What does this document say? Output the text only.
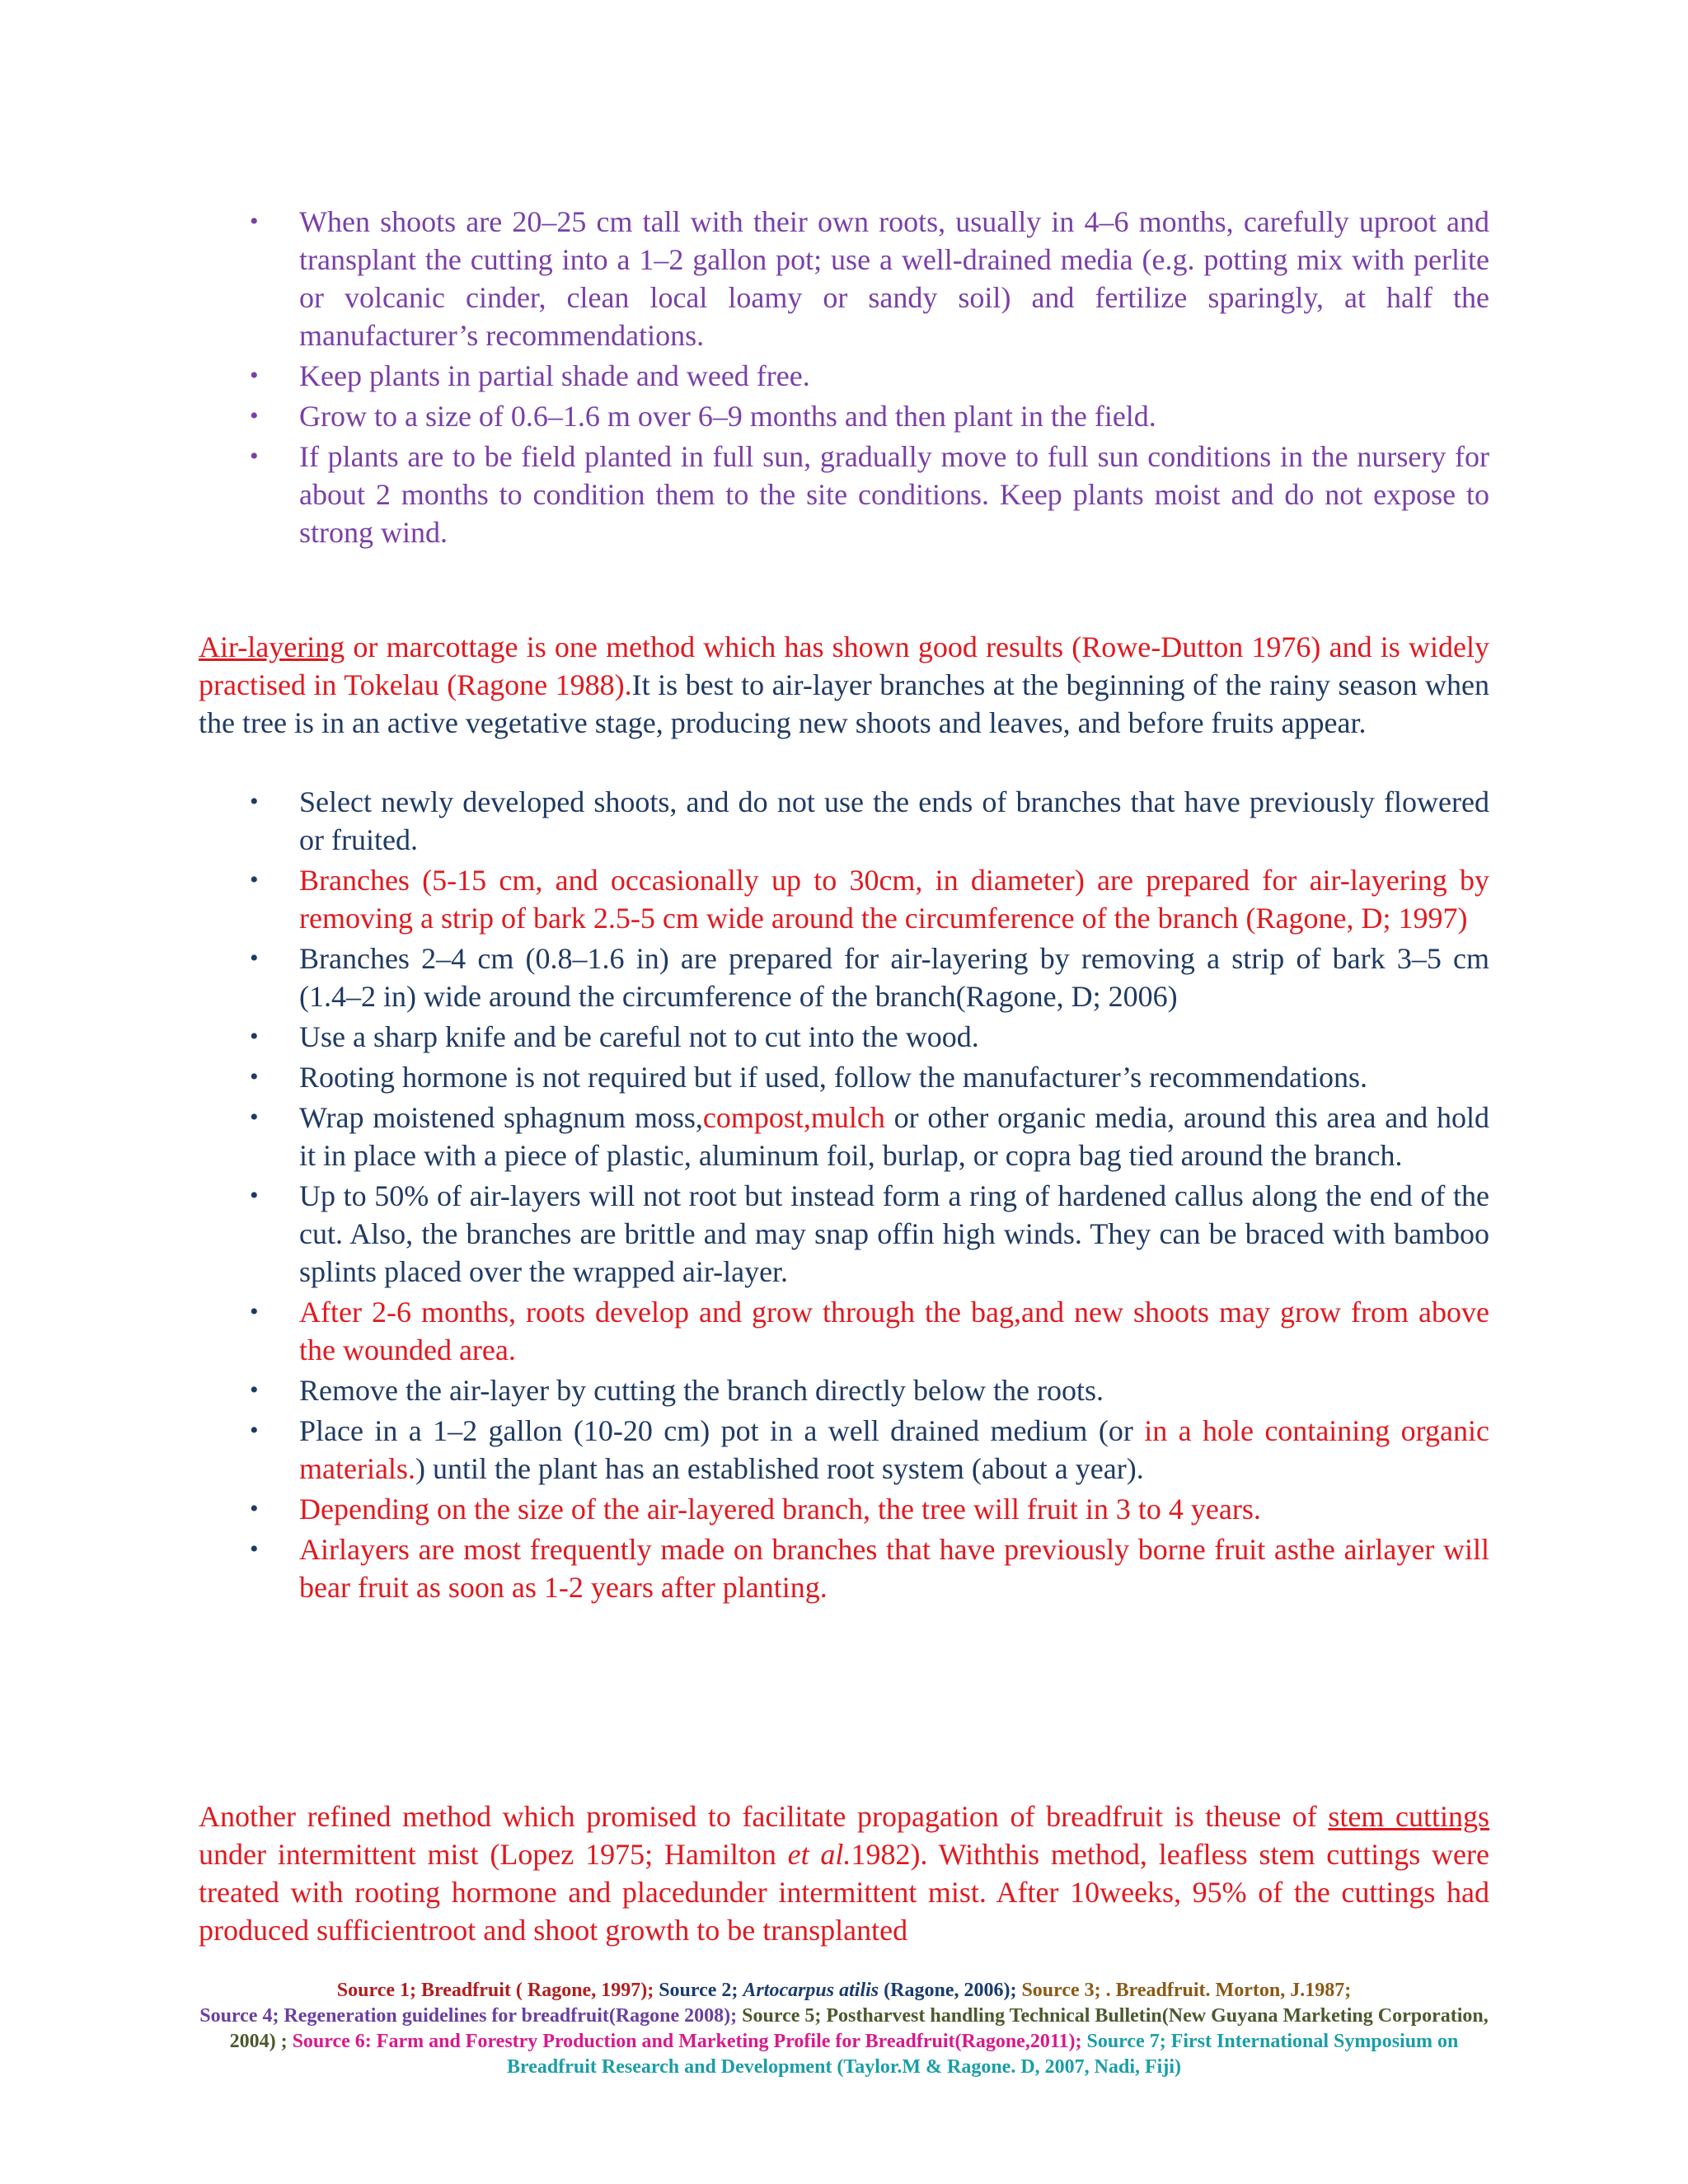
• When shoots are 20–25 cm tall with their own roots, usually in 4–6 months, carefully uproot and transplant the cutting into a 1–2 gallon pot; use a well-drained media (e.g. potting mix with perlite or volcanic cinder, clean local loamy or sandy soil) and fertilize sparingly, at half the manufacturer’s recommendations.
• Keep plants in partial shade and weed free.
• Grow to a size of 0.6–1.6 m over 6–9 months and then plant in the field.
• If plants are to be field planted in full sun, gradually move to full sun conditions in the nursery for about 2 months to condition them to the site conditions. Keep plants moist and do not expose to strong wind.

Air-layering or marcottage is one method which has shown good results (Rowe-Dutton 1976) and is widely practised in Tokelau (Ragone 1988).It is best to air-layer branches at the beginning of the rainy season when the tree is in an active vegetative stage, producing new shoots and leaves, and before fruits appear.

• Select newly developed shoots, and do not use the ends of branches that have previously flowered or fruited.
• Branches (5-15 cm, and occasionally up to 30cm, in diameter) are prepared for air-layering by removing a strip of bark 2.5-5 cm wide around the circumference of the branch (Ragone, D; 1997)
• Branches 2–4 cm (0.8–1.6 in) are prepared for air-layering by removing a strip of bark 3–5 cm (1.4–2 in) wide around the circumference of the branch(Ragone, D; 2006)
• Use a sharp knife and be careful not to cut into the wood.
• Rooting hormone is not required but if used, follow the manufacturer’s recommendations.
• Wrap moistened sphagnum moss,compost,mulch or other organic media, around this area and hold it in place with a piece of plastic, aluminum foil, burlap, or copra bag tied around the branch.
• Up to 50% of air-layers will not root but instead form a ring of hardened callus along the end of the cut. Also, the branches are brittle and may snap offin high winds. They can be braced with bamboo splints placed over the wrapped air-layer.
• After 2-6 months, roots develop and grow through the bag,and new shoots may grow from above the wounded area.
• Remove the air-layer by cutting the branch directly below the roots.
• Place in a 1–2 gallon (10-20 cm) pot in a well drained medium (or in a hole containing organic materials.) until the plant has an established root system (about a year).
• Depending on the size of the air-layered branch, the tree will fruit in 3 to 4 years.
• Airlayers are most frequently made on branches that have previously borne fruit asthe airlayer will bear fruit as soon as 1-2 years after planting.

Another refined method which promised to facilitate propagation of breadfruit is theuse of stem cuttings under intermittent mist (Lopez 1975; Hamilton et al.1982). Withthis method, leafless stem cuttings were treated with rooting hormone and placedunder intermittent mist. After 10weeks, 95% of the cuttings had produced sufficientroot and shoot growth to be transplanted

Source 1; Breadfruit ( Ragone, 1997); Source 2; Artocarpus atilis (Ragone, 2006); Source 3; . Breadfruit. Morton, J.1987;
Source 4; Regeneration guidelines for breadfruit(Ragone 2008); Source 5; Postharvest handling Technical Bulletin(New Guyana Marketing Corporation, 2004) ; Source 6: Farm and Forestry Production and Marketing Profile for Breadfruit(Ragone,2011); Source 7; First International Symposium on Breadfruit Research and Development (Taylor.M & Ragone. D, 2007, Nadi, Fiji)
